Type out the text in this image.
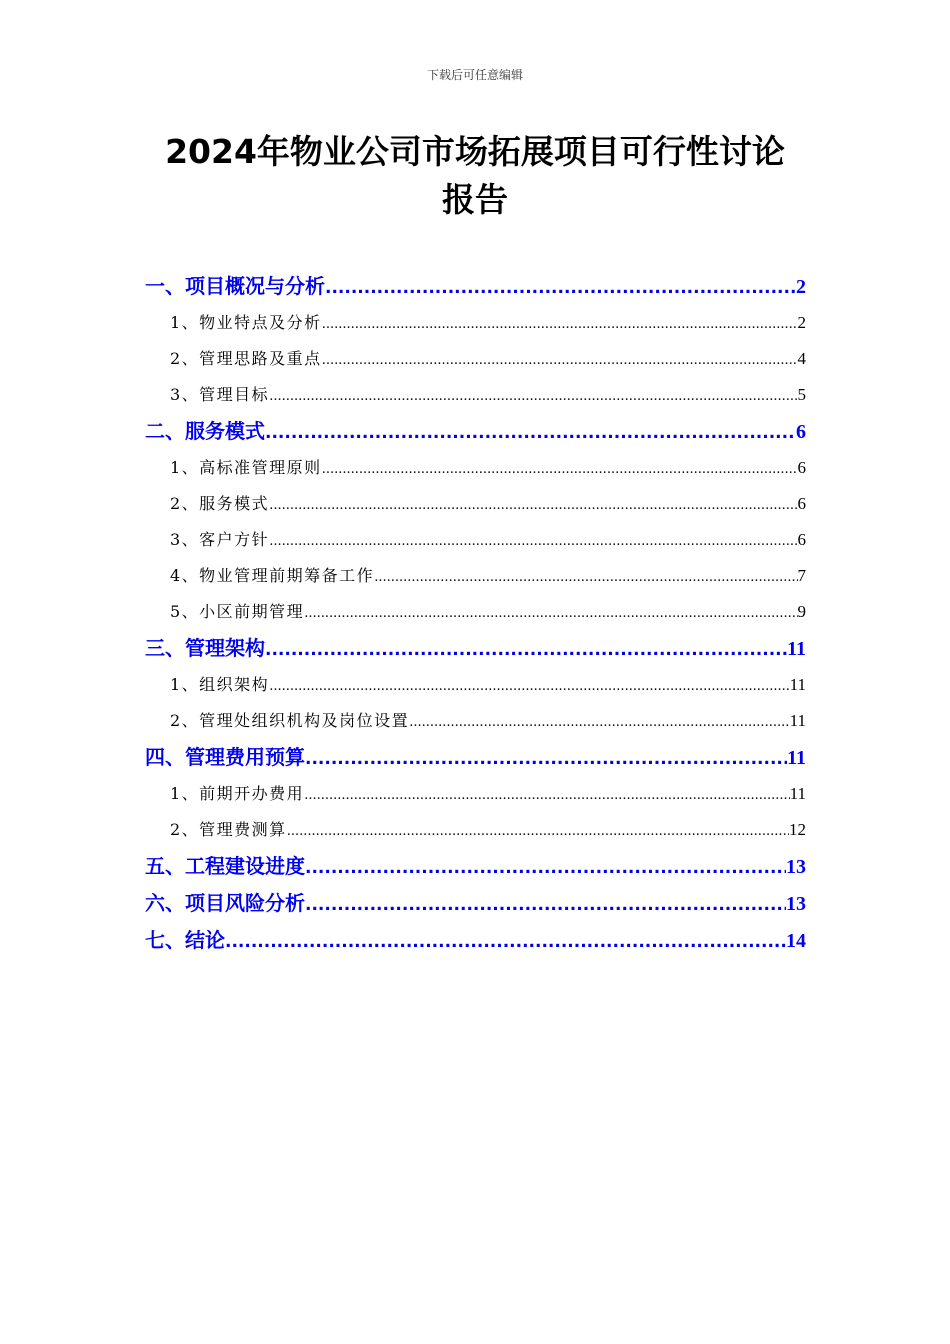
下载后可任意编辑
2024年物业公司市场拓展项目可行性讨论
报告
一、项目概况与分析 .....	2
1、物业特点及分析 .....	2
2、管理思路及重点 .....	4
3、管理目标 .....	5
二、服务模式 .....	6
1、高标准管理原则 .....	6
2、服务模式 .....	6
3、客户方针 .....	6
4、物业管理前期筹备工作 .....	7
5、小区前期管理 .....	9
三、管理架构 .....	11
1、组织架构 .....	11
2、管理处组织机构及岗位设置 .....	11
四、管理费用预算 .....	11
1、前期开办费用 .....	11
2、管理费测算 .....	12
五、工程建设进度 .....	13
六、项目风险分析 .....	13
七、结论 .....	14
